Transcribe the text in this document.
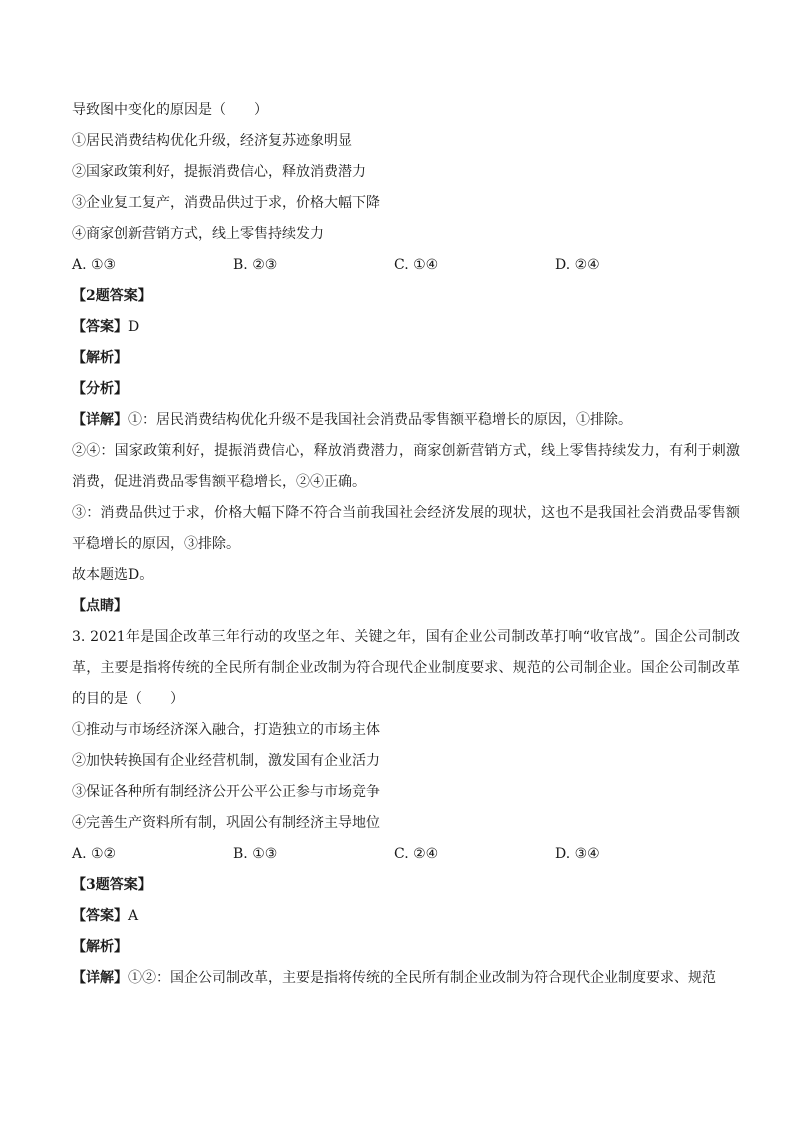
导致图中变化的原因是（　　）
①居民消费结构优化升级，经济复苏迹象明显
②国家政策利好，提振消费信心，释放消费潜力
③企业复工复产，消费品供过于求，价格大幅下降
④商家创新营销方式，线上零售持续发力
A. ①③	B. ②③	C. ①④	D. ②④
【2题答案】
【答案】D
【解析】
【分析】
【详解】①：居民消费结构优化升级不是我国社会消费品零售额平稳增长的原因，①排除。
②④：国家政策利好，提振消费信心，释放消费潜力，商家创新营销方式，线上零售持续发力，有利于刺激消费，促进消费品零售额平稳增长，②④正确。
③：消费品供过于求，价格大幅下降不符合当前我国社会经济发展的现状，这也不是我国社会消费品零售额平稳增长的原因，③排除。
故本题选D。
【点睛】
3. 2021年是国企改革三年行动的攻坚之年、关键之年，国有企业公司制改革打响“收官战”。国企公司制改革，主要是指将传统的全民所有制企业改制为符合现代企业制度要求、规范的公司制企业。国企公司制改革的目的是（　　）
①推动与市场经济深入融合，打造独立的市场主体
②加快转换国有企业经营机制，激发国有企业活力
③保证各种所有制经济公开公平公正参与市场竞争
④完善生产资料所有制，巩固公有制经济主导地位
A. ①②	B. ①③	C. ②④	D. ③④
【3题答案】
【答案】A
【解析】
【详解】①②：国企公司制改革，主要是指将传统的全民所有制企业改制为符合现代企业制度要求、规范
